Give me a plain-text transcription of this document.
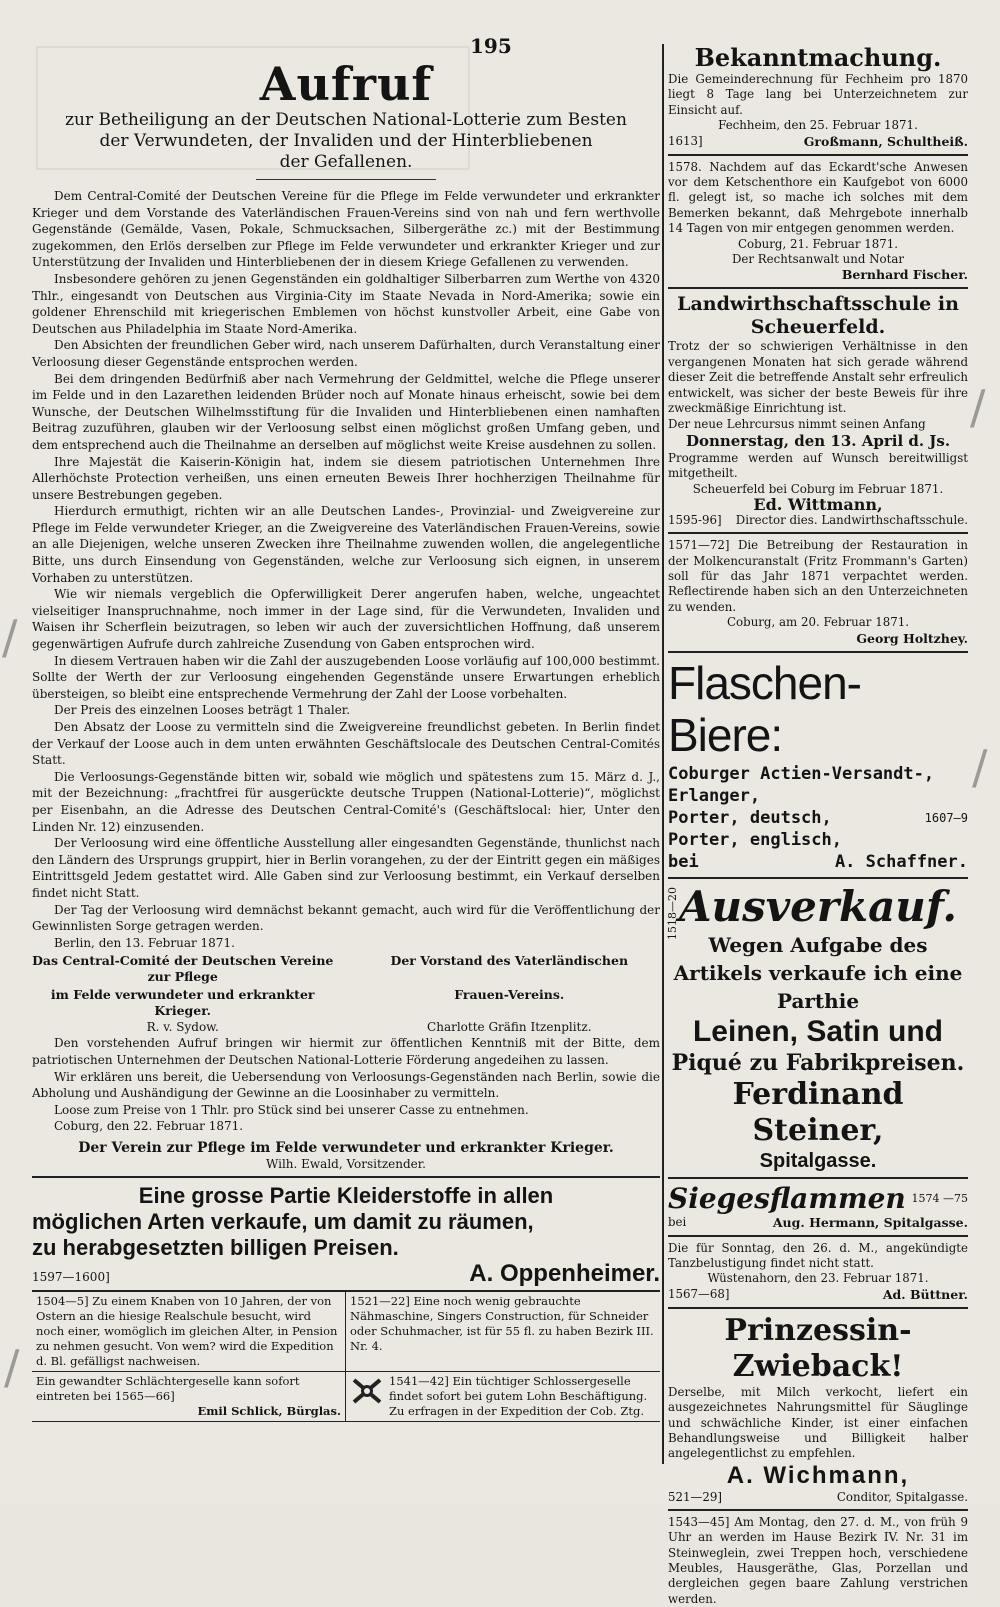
195
Aufruf
zur Betheiligung an der Deutschen National-Lotterie zum Besten
der Verwundeten, der Invaliden und der Hinterbliebenen
der Gefallenen.

Dem Central-Comité der Deutschen Vereine für die Pflege im Felde verwundeter und erkrankter Krieger und dem Vorstande des Vaterländischen Frauen-Vereins sind von nah und fern werthvolle Gegenstände (Gemälde, Vasen, Pokale, Schmucksachen, Silbergeräthe zc.) mit der Bestimmung zugekommen, den Erlös derselben zur Pflege im Felde verwundeter und erkrankter Krieger und zur Unterstützung der Invaliden und Hinterbliebenen der in diesem Kriege Gefallenen zu verwenden.

Insbesondere gehören zu jenen Gegenständen ein goldhaltiger Silberbarren zum Werthe von 4320 Thlr., eingesandt von Deutschen aus Virginia-City im Staate Nevada in Nord-Amerika; sowie ein goldener Ehrenschild mit kriegerischen Emblemen von höchst kunstvoller Arbeit, eine Gabe von Deutschen aus Philadelphia im Staate Nord-Amerika.

Den Absichten der freundlichen Geber wird, nach unserem Dafürhalten, durch Veranstaltung einer Verloosung dieser Gegenstände entsprochen werden.

Bei dem dringenden Bedürfniß aber nach Vermehrung der Geldmittel, welche die Pflege unserer im Felde und in den Lazarethen leidenden Brüder noch auf Monate hinaus erheischt, sowie bei dem Wunsche, der Deutschen Wilhelmsstiftung für die Invaliden und Hinterbliebenen einen namhaften Beitrag zuzuführen, glauben wir der Verloosung selbst einen möglichst großen Umfang geben, und dem entsprechend auch die Theilnahme an derselben auf möglichst weite Kreise ausdehnen zu sollen.

Ihre Majestät die Kaiserin-Königin hat, indem sie diesem patriotischen Unternehmen Ihre Allerhöchste Protection verheißen, uns einen erneuten Beweis Ihrer hochherzigen Theilnahme für unsere Bestrebungen gegeben.

Hierdurch ermuthigt, richten wir an alle Deutschen Landes-, Provinzial- und Zweigvereine zur Pflege im Felde verwundeter Krieger, an die Zweigvereine des Vaterländischen Frauen-Vereins, sowie an alle Diejenigen, welche unseren Zwecken ihre Theilnahme zuwenden wollen, die angelegentliche Bitte, uns durch Einsendung von Gegenständen, welche zur Verloosung sich eignen, in unserem Vorhaben zu unterstützen.

Wie wir niemals vergeblich die Opferwilligkeit Derer angerufen haben, welche, ungeachtet vielseitiger Inanspruchnahme, noch immer in der Lage sind, für die Verwundeten, Invaliden und Waisen ihr Scherflein beizutragen, so leben wir auch der zuversichtlichen Hoffnung, daß unserem gegenwärtigen Aufrufe durch zahlreiche Zusendung von Gaben entsprochen wird.

In diesem Vertrauen haben wir die Zahl der auszugebenden Loose vorläufig auf 100,000 bestimmt. Sollte der Werth der zur Verloosung eingehenden Gegenstände unsere Erwartungen erheblich übersteigen, so bleibt eine entsprechende Vermehrung der Zahl der Loose vorbehalten.

Der Preis des einzelnen Looses beträgt 1 Thaler.

Den Absatz der Loose zu vermitteln sind die Zweigvereine freundlichst gebeten. In Berlin findet der Verkauf der Loose auch in dem unten erwähnten Geschäftslocale des Deutschen Central-Comités Statt.

Die Verloosungs-Gegenstände bitten wir, sobald wie möglich und spätestens zum 15. März d. J., mit der Bezeichnung: „frachtfrei für ausgerückte deutsche Truppen (National-Lotterie)“, möglichst per Eisenbahn, an die Adresse des Deutschen Central-Comité's (Geschäftslocal: hier, Unter den Linden Nr. 12) einzusenden.

Der Verloosung wird eine öffentliche Ausstellung aller eingesandten Gegenstände, thunlichst nach den Ländern des Ursprungs gruppirt, hier in Berlin vorangehen, zu der der Eintritt gegen ein mäßiges Eintrittsgeld Jedem gestattet wird. Alle Gaben sind zur Verloosung bestimmt, ein Verkauf derselben findet nicht Statt.

Der Tag der Verloosung wird demnächst bekannt gemacht, auch wird für die Veröffentlichung der Gewinnlisten Sorge getragen werden.

Berlin, den 13. Februar 1871.

Das Central-Comité der Deutschen Vereine zur Pflege
Der Vorstand des Vaterländischen
im Felde verwundeter und erkrankter Krieger.
Frauen-Vereins.
R. v. Sydow.	Charlotte Gräfin Itzenplitz.

Den vorstehenden Aufruf bringen wir hiermit zur öffentlichen Kenntniß mit der Bitte, dem patriotischen Unternehmen der Deutschen National-Lotterie Förderung angedeihen zu lassen.

Wir erklären uns bereit, die Uebersendung von Verloosungs-Gegenständen nach Berlin, sowie die Abholung und Aushändigung der Gewinne an die Loosinhaber zu vermitteln.

Loose zum Preise von 1 Thlr. pro Stück sind bei unserer Casse zu entnehmen.

Coburg, den 22. Februar 1871.

Der Verein zur Pflege im Felde verwundeter und erkrankter Krieger.
Wilh. Ewald, Vorsitzender.
Eine grosse Partie Kleiderstoffe in allen
möglichen Arten verkaufe, um damit zu räumen,
zu herabgesetzten billigen Preisen.
1597—1600]	A. Oppenheimer.
1504—5] Zu einem Knaben von 10 Jahren, der von Ostern an die hiesige Realschule besucht, wird noch einer, womöglich im gleichen Alter, in Pension zu nehmen gesucht. Von wem? wird die Expedition d. Bl. gefälligst nachweisen.
1521—22] Eine noch wenig gebrauchte Nähmaschine, Singers Construction, für Schneider oder Schuhmacher, ist für 55 fl. zu haben Bezirk III. Nr. 4.
Ein gewandter Schlächtergeselle kann sofort eintreten bei 1565—66]
Emil Schlick, Bürglas.
1541—42] Ein tüchtiger Schlossergeselle findet sofort bei gutem Lohn Beschäftigung. Zu erfragen in der Expedition der Cob. Ztg.
Bekanntmachung.

Die Gemeinderechnung für Fechheim pro 1870 liegt 8 Tage lang bei Unterzeichnetem zur Einsicht auf.

Fechheim, den 25. Februar 1871.

1613]	Großmann, Schultheiß.

1578. Nachdem auf das Eckardt'sche Anwesen vor dem Ketschenthore ein Kaufgebot von 6000 fl. gelegt ist, so mache ich solches mit dem Bemerken bekannt, daß Mehrgebote innerhalb 14 Tagen von mir entgegen genommen werden.

Coburg, 21. Februar 1871.

Der Rechtsanwalt und Notar

Bernhard Fischer.
Landwirthschaftsschule in
Scheuerfeld.

Trotz der so schwierigen Verhältnisse in den vergangenen Monaten hat sich gerade während dieser Zeit die betreffende Anstalt sehr erfreulich entwickelt, was sicher der beste Beweis für ihre zweckmäßige Einrichtung ist.

Der neue Lehrcursus nimmt seinen Anfang

Donnerstag, den 13. April d. Js.

Programme werden auf Wunsch bereitwilligst mitgetheilt.

Scheuerfeld bei Coburg im Februar 1871.

Ed. Wittmann,
1595-96] Director dies. Landwirthschaftsschule.

1571—72] Die Betreibung der Restauration in der Molkencuranstalt (Fritz Frommann's Garten) soll für das Jahr 1871 verpachtet werden. Reflectirende haben sich an den Unterzeichneten zu wenden.

Coburg, am 20. Februar 1871.

Georg Holtzhey.
Flaschen-Biere:
Coburger Actien-Versandt-,
Erlanger,
Porter, deutsch,	1607—9
Porter, englisch,
bei	A. Schaffner.
1518—20 Ausverkauf.
Wegen Aufgabe des Artikels verkaufe ich eine Parthie
Leinen, Satin und
Piqué zu Fabrikpreisen.
Ferdinand Steiner,
Spitalgasse.
Siegesflammen 1574 —75
bei	Aug. Hermann, Spitalgasse.

Die für Sonntag, den 26. d. M., angekündigte Tanzbelustigung findet nicht statt.

Wüstenahorn, den 23. Februar 1871.

1567—68]	Ad. Büttner.
Prinzessin-Zwieback!

Derselbe, mit Milch verkocht, liefert ein ausgezeichnetes Nahrungsmittel für Säuglinge und schwächliche Kinder, ist einer einfachen Behandlungsweise und Billigkeit halber angelegentlichst zu empfehlen.

A. Wichmann,
521—29]	Conditor, Spitalgasse.

1543—45] Am Montag, den 27. d. M., von früh 9 Uhr an werden im Hause Bezirk IV. Nr. 31 im Steinweglein, zwei Treppen hoch, verschiedene Meubles, Hausgeräthe, Glas, Porzellan und dergleichen gegen baare Zahlung verstrichen werden.

/
/
/
/
